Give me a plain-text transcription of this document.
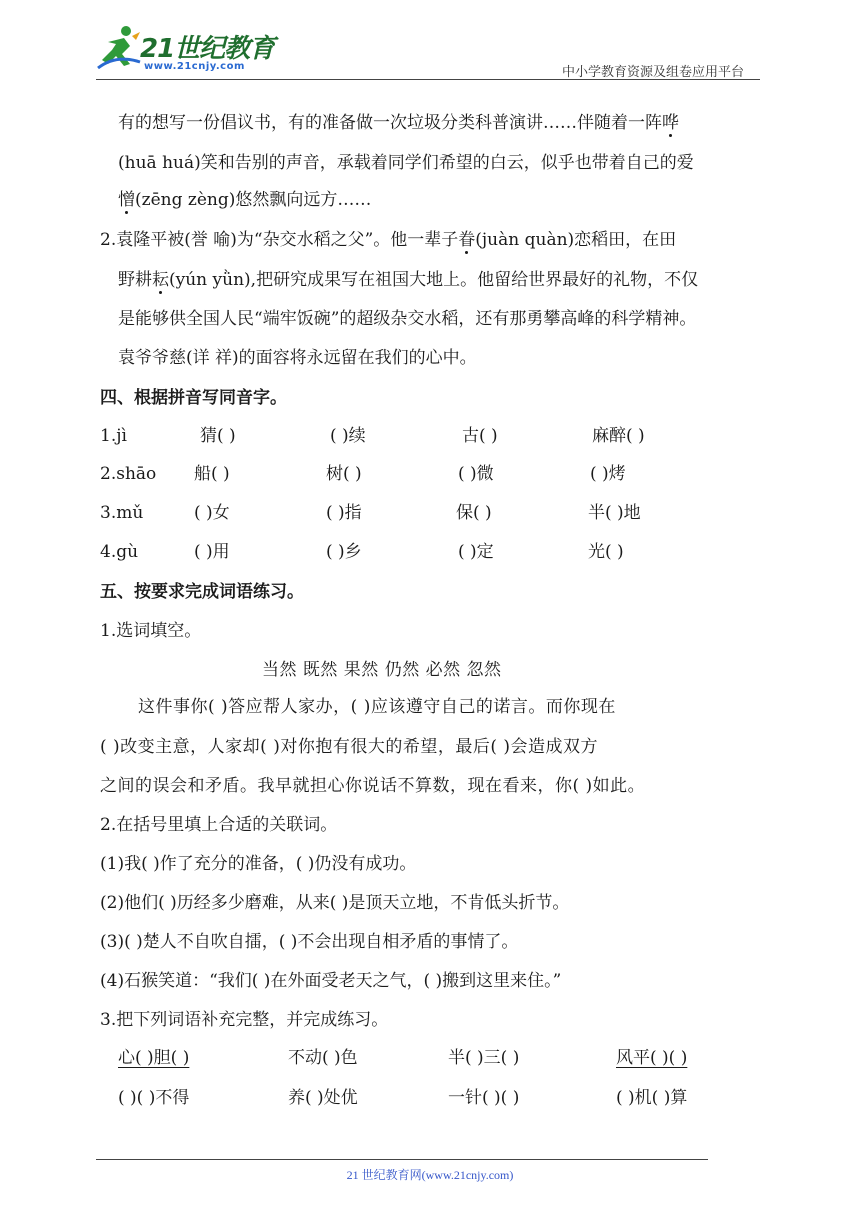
21世纪教育
www.21cnjy.com	中小学教育资源及组卷应用平台
有的想写一份倡议书，有的准备做一次垃圾分类科普演讲……伴随着一阵哗
(huā huá)笑和告别的声音，承载着同学们希望的白云，似乎也带着自己的爱
憎(zēng zèng)悠然飘向远方……
2.袁隆平被(誉 喻)为“杂交水稻之父”。他一辈子眷(juàn quàn)恋稻田，在田
野耕耘(yún yǜn),把研究成果写在祖国大地上。他留给世界最好的礼物，不仅
是能够供全国人民“端牢饭碗”的超级杂交水稻，还有那勇攀高峰的科学精神。
袁爷爷慈(详 祥)的面容将永远留在我们的心中。
四、根据拼音写同音字。
1.jì	猜( )	( )续	古( )	麻醉( )
2.shāo 船( )	树( )	( )微	( )烤
3.mǔ	( )女	( )指	保( )	半( )地
4.gù	( )用	( )乡	( )定	光( )
五、按要求完成词语练习。
1.选词填空。
当然 既然 果然 仍然 必然 忽然
这件事你( )答应帮人家办，( )应该遵守自己的诺言。而你现在
( )改变主意，人家却( )对你抱有很大的希望，最后( )会造成双方
之间的误会和矛盾。我早就担心你说话不算数，现在看来，你( )如此。
2.在括号里填上合适的关联词。
(1)我( )作了充分的准备，( )仍没有成功。
(2)他们( )历经多少磨难，从来( )是顶天立地，不肯低头折节。
(3)( )楚人不自吹自擂，( )不会出现自相矛盾的事情了。
(4)石猴笑道：“我们( )在外面受老天之气，( )搬到这里来住。”
3.把下列词语补充完整，并完成练习。
心( )胆( )	不动( )色	半( )三( )	风平( )( )
( )( )不得	养( )处优	一针( )( )	( )机( )算
21 世纪教育网(www.21cnjy.com)
